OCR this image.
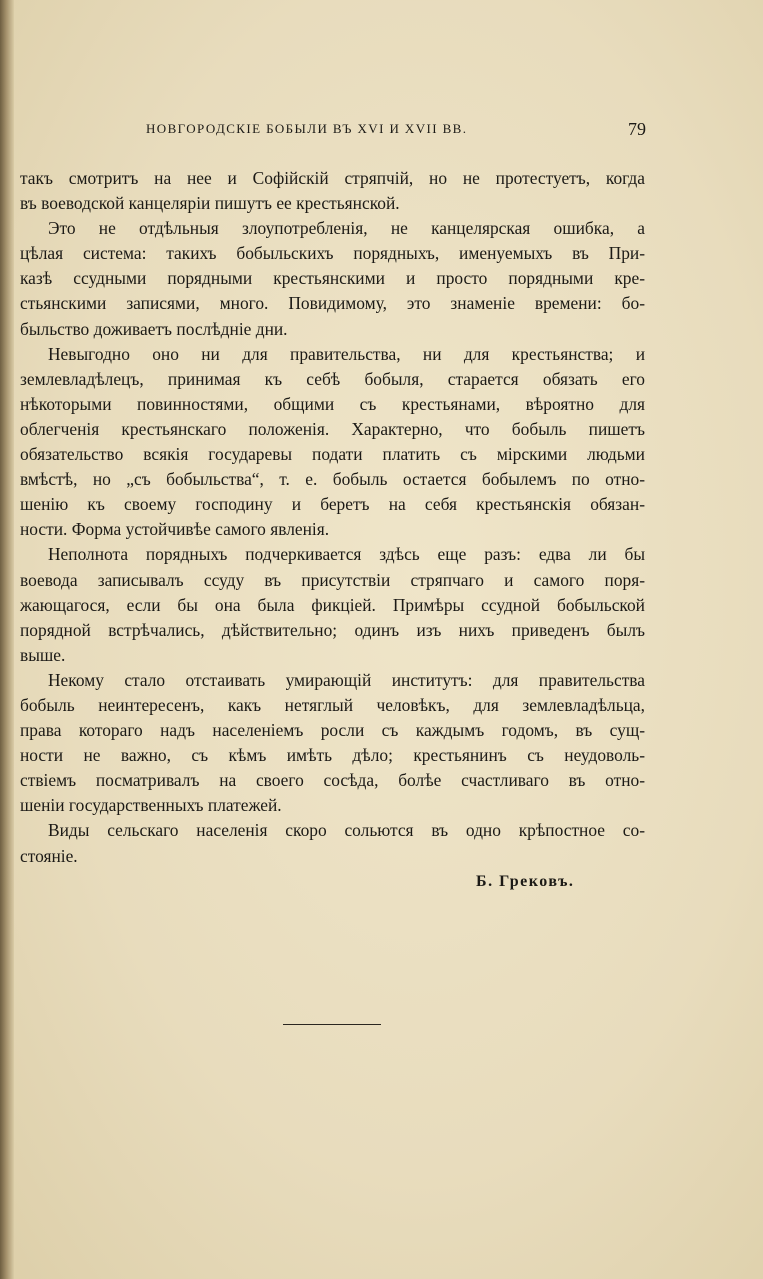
НОВГОРОДСКІЕ БОБЫЛИ ВЪ XVI И XVII ВВ.	79
такъ смотритъ на нее и Софійскій стряпчій, но не протестуетъ, когда
въ воеводской канцеляріи пишутъ ее крестьянской.
Это не отдѣльныя злоупотребленія, не канцелярская ошибка, а
цѣлая система: такихъ бобыльскихъ порядныхъ, именуемыхъ въ При-
казѣ ссудными порядными крестьянскими и просто порядными кре-
стьянскими записями, много. Повидимому, это знаменіе времени: бо-
быльство доживаетъ послѣдніе дни.
Невыгодно оно ни для правительства, ни для крестьянства; и
землевладѣлецъ, принимая къ себѣ бобыля, старается обязать его
нѣкоторыми повинностями, общими съ крестьянами, вѣроятно для
облегченія крестьянскаго положенія. Характерно, что бобыль пишетъ
обязательство всякія государевы подати платить съ мірскими людьми
вмѣстѣ, но „съ бобыльства“, т. е. бобыль остается бобылемъ по отно-
шенію къ своему господину и беретъ на себя крестьянскія обязан-
ности. Форма устойчивѣе самого явленія.
Неполнота порядныхъ подчеркивается здѣсь еще разъ: едва ли бы
воевода записывалъ ссуду въ присутствіи стряпчаго и самого поря-
жающагося, если бы она была фикціей. Примѣры ссудной бобыльской
порядной встрѣчались, дѣйствительно; одинъ изъ нихъ приведенъ былъ
выше.
Некому стало отстаивать умирающій институтъ: для правительства
бобыль неинтересенъ, какъ нетяглый человѣкъ, для землевладѣльца,
права котораго надъ населеніемъ росли съ каждымъ годомъ, въ сущ-
ности не важно, съ кѣмъ имѣть дѣло; крестьянинъ съ неудоволь-
ствіемъ посматривалъ на своего сосѣда, болѣе счастливаго въ отно-
шеніи государственныхъ платежей.
Виды сельскаго населенія скоро сольются въ одно крѣпостное со-
стояніе.
Б. Грековъ.
